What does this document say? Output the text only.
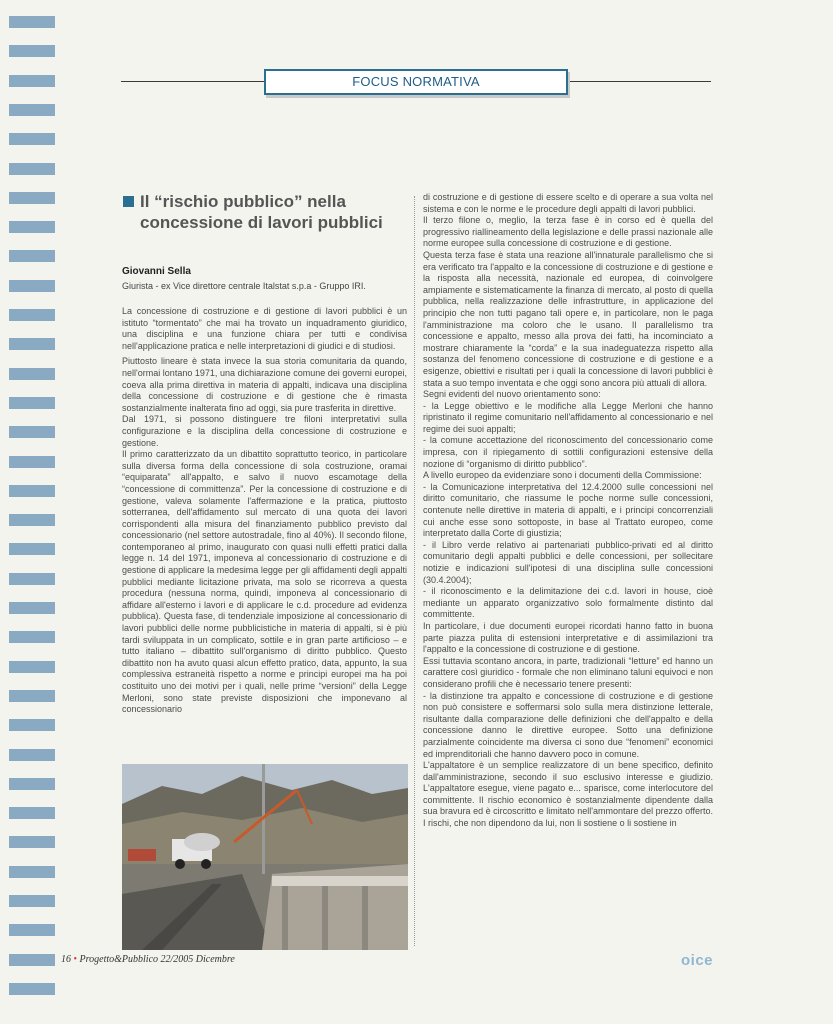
FOCUS NORMATIVA
Il “rischio pubblico” nella concessione di lavori pubblici
Giovanni Sella
Giurista - ex Vice direttore centrale Italstat s.p.a - Gruppo IRI.

La concessione di costruzione e di gestione di lavori pubblici è un istituto “tormentato” che mai ha trovato un inquadramento giuridico, una disciplina e una funzione chiara per tutti e condivisa nell'applicazione pratica e nelle interpretazioni di giudici e di studiosi.

Piuttosto lineare è stata invece la sua storia comunitaria da quando, nell'ormai lontano 1971, una dichiarazione comune dei governi europei, coeva alla prima direttiva in materia di appalti, indicava una disciplina della concessione di costruzione e di gestione che è rimasta sostanzialmente inalterata fino ad oggi, sia pure trasferita in direttive.

Dal 1971, si possono distinguere tre filoni interpretativi sulla configurazione e la disciplina della concessione di costruzione e gestione.

Il primo caratterizzato da un dibattito soprattutto teorico, in particolare sulla diversa forma della concessione di sola costruzione, oramai “equiparata” all'appalto, e salvo il nuovo escamotage della “concessione di committenza”. Per la concessione di costruzione e di gestione, valeva solamente l'affermazione e la pratica, piuttosto sotterranea, dell'affidamento sul mercato di una quota dei lavori corrispondenti alla misura del finanziamento pubblico previsto dal concessionario (nel settore autostradale, fino al 40%). Il secondo filone, contemporaneo al primo, inaugurato con quasi nulli effetti pratici dalla legge n. 14 del 1971, imponeva al concessionario di costruzione e di gestione di applicare la medesima legge per gli affidamenti degli appalti pubblici mediante licitazione privata, ma solo se ricorreva a questa procedura (nessuna norma, quindi, imponeva al concessionario di affidare all'esterno i lavori e di applicare le c.d. procedure ad evidenza pubblica). Questa fase, di tendenziale imposizione al concessionario di lavori pubblici delle norme pubblicistiche in materia di appalti, si è più tardi sviluppata in un complicato, sottile e in gran parte artificioso – e tutto italiano – dibattito sull'organismo di diritto pubblico. Questo dibattito non ha avuto quasi alcun effetto pratico, data, appunto, la sua complessiva estraneità rispetto a norme e principi europei ma ha poi costituito uno dei motivi per i quali, nelle prime “versioni” della Legge Merloni, sono state previste disposizioni che imponevano al concessionario

di costruzione e di gestione di essere scelto e di operare a sua volta nel sistema e con le norme e le procedure degli appalti di lavori pubblici.

Il terzo filone o, meglio, la terza fase è in corso ed è quella del progressivo riallineamento della legislazione e delle prassi nazionale alle norme europee sulla concessione di costruzione e di gestione.

Questa terza fase è stata una reazione all'innaturale parallelismo che si era verificato tra l'appalto e la concessione di costruzione e di gestione e la risposta alla necessità, nazionale ed europea, di coinvolgere ampiamente e sistematicamente la finanza di mercato, al posto di quella pubblica, nella realizzazione delle infrastrutture, in applicazione del principio che non tutti pagano tali opere e, in particolare, non le paga l'amministrazione ma coloro che le usano. Il parallelismo tra concessione e appalto, messo alla prova dei fatti, ha incominciato a mostrare chiaramente la “corda” e la sua inadeguatezza rispetto alla sostanza del fenomeno concessione di costruzione e di gestione e a esigenze, obiettivi e risultati per i quali la concessione di lavori pubblici è stata a suo tempo inventata e che oggi sono ancora più attuali di allora.

Segni evidenti del nuovo orientamento sono:

- la Legge obiettivo e le modifiche alla Legge Merloni che hanno ripristinato il regime comunitario nell'affidamento al concessionario e nel regime dei suoi appalti;

- la comune accettazione del riconoscimento del concessionario come impresa, con il ripiegamento di sottili configurazioni estensive della nozione di “organismo di diritto pubblico”.

A livello europeo da evidenziare sono i documenti della Commissione:

- la Comunicazione interpretativa del 12.4.2000 sulle concessioni nel diritto comunitario, che riassume le poche norme sulle concessioni, contenute nelle direttive in materia di appalti, e i principi concorrenziali cui anche esse sono sottoposte, in base al Trattato europeo, come interpretato dalla Corte di giustizia;

- il Libro verde relativo ai partenariati pubblico-privati ed al diritto comunitario degli appalti pubblici e delle concessioni, per sollecitare notizie e indicazioni sull'ipotesi di una disciplina sulle concessioni (30.4.2004);

- il riconoscimento e la delimitazione dei c.d. lavori in house, cioè mediante un apparato organizzativo solo formalmente distinto dal committente.

In particolare, i due documenti europei ricordati hanno fatto in buona parte piazza pulita di estensioni interpretative e di assimilazioni tra l'appalto e la concessione di costruzione e di gestione.

Essi tuttavia scontano ancora, in parte, tradizionali “letture” ed hanno un carattere così giuridico - formale che non eliminano taluni equivoci e non considerano profili che è necessario tenere presenti:

- la distinzione tra appalto e concessione di costruzione e di gestione non può consistere e soffermarsi solo sulla mera distinzione letterale, risultante dalla comparazione delle definizioni che dell'appalto e della concessione danno le direttive europee. Sotto una definizione parzialmente coincidente ma diversa ci sono due “fenomeni” economici ed imprenditoriali che hanno davvero poco in comune.

L'appaltatore è un semplice realizzatore di un bene specifico, definito dall'amministrazione, secondo il suo esclusivo interesse e giudizio. L'appaltatore esegue, viene pagato e... sparisce, come interlocutore del committente. Il rischio economico è sostanzialmente dipendente dalla sua bravura ed è circoscritto e limitato nell'ammontare del prezzo offerto. I rischi, che non dipendono da lui, non li sostiene o li sostiene in

16 • Progetto&Pubblico 22/2005 Dicembre	oice
